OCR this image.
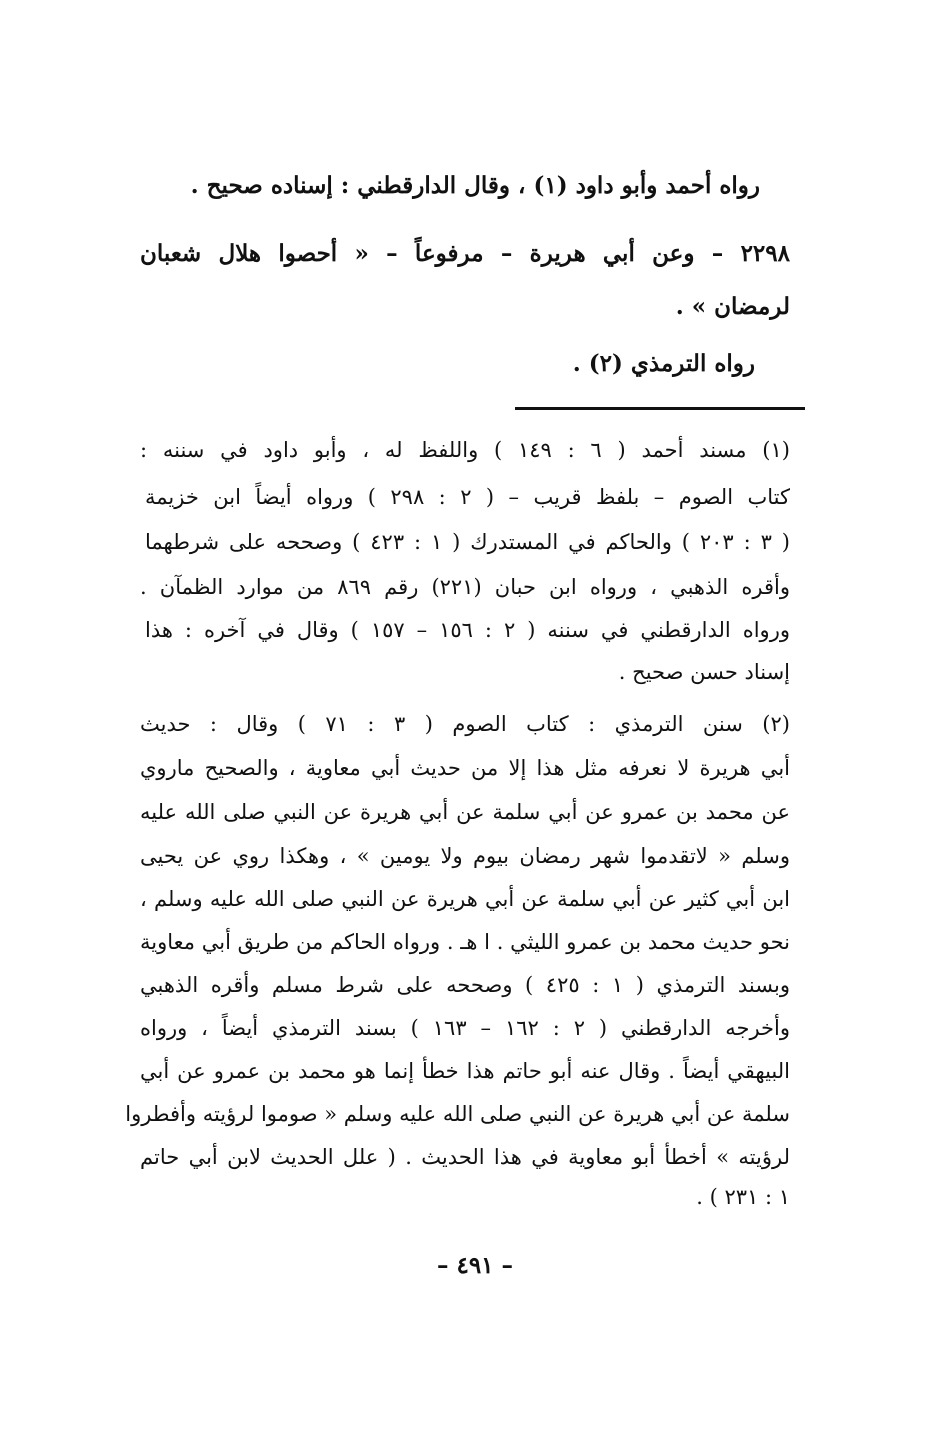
رواه أحمد وأبو داود (١) ، وقال الدارقطني : إسناده صحيح .
٢٢٩٨ – وعن أبي هريرة – مرفوعاً – « أحصوا هلال شعبان
لرمضان » .
رواه الترمذي (٢) .
(١) مسند أحمد ( ٦ : ١٤٩ ) واللفظ له ، وأبو داود في سننه :
كتاب الصوم – بلفظ قريب – ( ٢ : ٢٩٨ ) ورواه أيضاً ابن خزيمة
( ٣ : ٢٠٣ ) والحاكم في المستدرك ( ١ : ٤٢٣ ) وصححه على شرطهما
وأقره الذهبي ، ورواه ابن حبان (٢٢١) رقم ٨٦٩ من موارد الظمآن .
ورواه الدارقطني في سننه ( ٢ : ١٥٦ – ١٥٧ ) وقال في آخره : هذا
إسناد حسن صحيح .
(٢) سنن الترمذي : كتاب الصوم ( ٣ : ٧١ ) وقال : حديث
أبي هريرة لا نعرفه مثل هذا إلا من حديث أبي معاوية ، والصحيح ماروي
عن محمد بن عمرو عن أبي سلمة عن أبي هريرة عن النبي صلى الله عليه
وسلم « لاتقدموا شهر رمضان بيوم ولا يومين » ، وهكذا روي عن يحيى
ابن أبي كثير عن أبي سلمة عن أبي هريرة عن النبي صلى الله عليه وسلم ،
نحو حديث محمد بن عمرو الليثي . ا هـ . ورواه الحاكم من طريق أبي معاوية
وبسند الترمذي ( ١ : ٤٢٥ ) وصححه على شرط مسلم وأقره الذهبي
وأخرجه الدارقطني ( ٢ : ١٦٢ – ١٦٣ ) بسند الترمذي أيضاً ، ورواه
البيهقي أيضاً . وقال عنه أبو حاتم هذا خطأ إنما هو محمد بن عمرو عن أبي
سلمة عن أبي هريرة عن النبي صلى الله عليه وسلم « صوموا لرؤيته وأفطروا
لرؤيته » أخطأ أبو معاوية في هذا الحديث . ( علل الحديث لابن أبي حاتم
١ : ٢٣١ ) .
– ٤٩١ –
